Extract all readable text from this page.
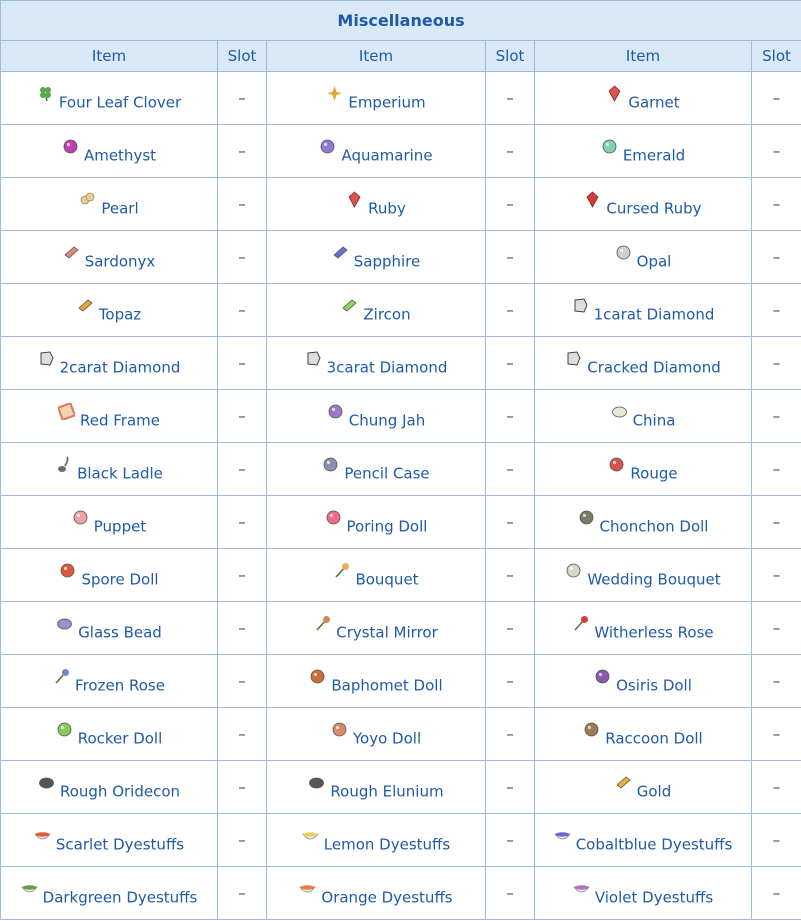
Miscellaneous					
Item	Slot	Item	Slot	Item	Slot

Four Leaf Clover	–	Emperium	–	Garnet	–

Amethyst	–	Aquamarine	–	Emerald	–

Pearl	–	Ruby	–	Cursed Ruby	–

Sardonyx	–	Sapphire	–	Opal	–

Topaz	–	Zircon	–	1carat Diamond	–

2carat Diamond	–	3carat Diamond	–	Cracked Diamond	–

Red Frame	–	Chung Jah	–	China	–

Black Ladle	–	Pencil Case	–	Rouge	–

Puppet	–	Poring Doll	–	Chonchon Doll	–

Spore Doll	–	Bouquet	–	Wedding Bouquet	–

Glass Bead	–	Crystal Mirror	–	Witherless Rose	–

Frozen Rose	–	Baphomet Doll	–	Osiris Doll	–

Rocker Doll	–	Yoyo Doll	–	Raccoon Doll	–

Rough Oridecon	–	Rough Elunium	–	Gold	–

Scarlet Dyestuffs	–	Lemon Dyestuffs	–	Cobaltblue Dyestuffs	–

Darkgreen Dyestuffs	–	Orange Dyestuffs	–	Violet Dyestuffs	–
